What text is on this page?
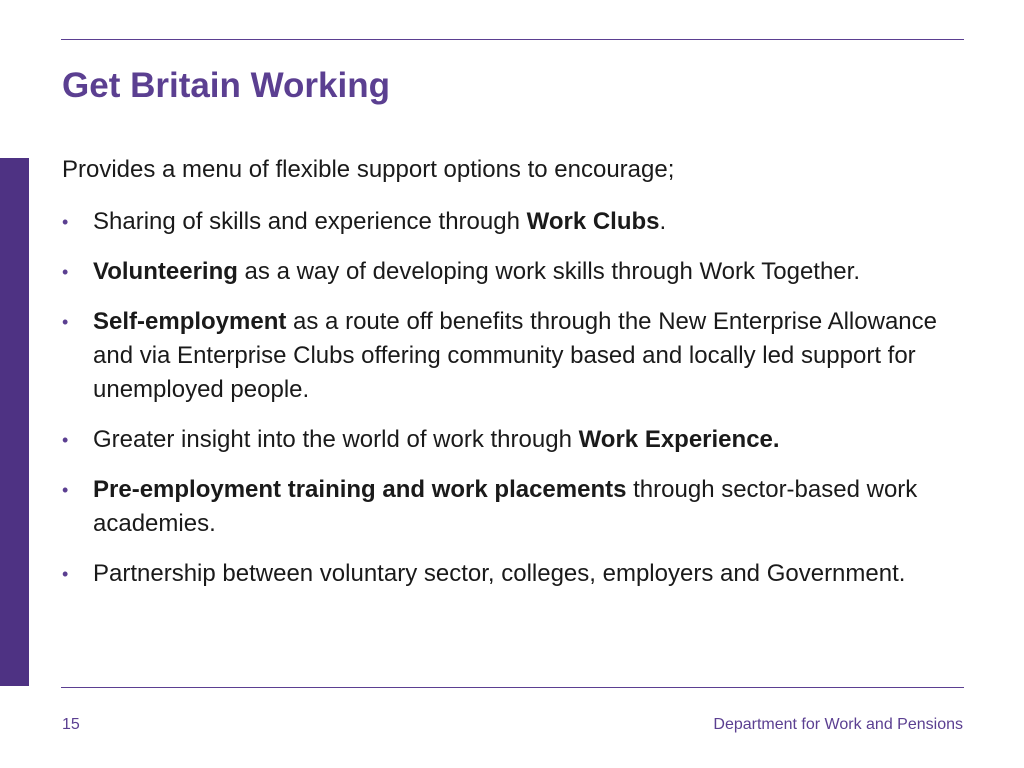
Get Britain Working

Provides a menu of flexible support options to encourage;

• Sharing of skills and experience through Work Clubs.
• Volunteering as a way of developing work skills through Work Together.
• Self-employment as a route off benefits through the New Enterprise Allowance and via Enterprise Clubs offering community based and locally led support for unemployed people.
• Greater insight into the world of work through Work Experience.
• Pre-employment training and work placements through sector-based work academies.
• Partnership between voluntary sector, colleges, employers and Government.
15	Department for Work and Pensions
